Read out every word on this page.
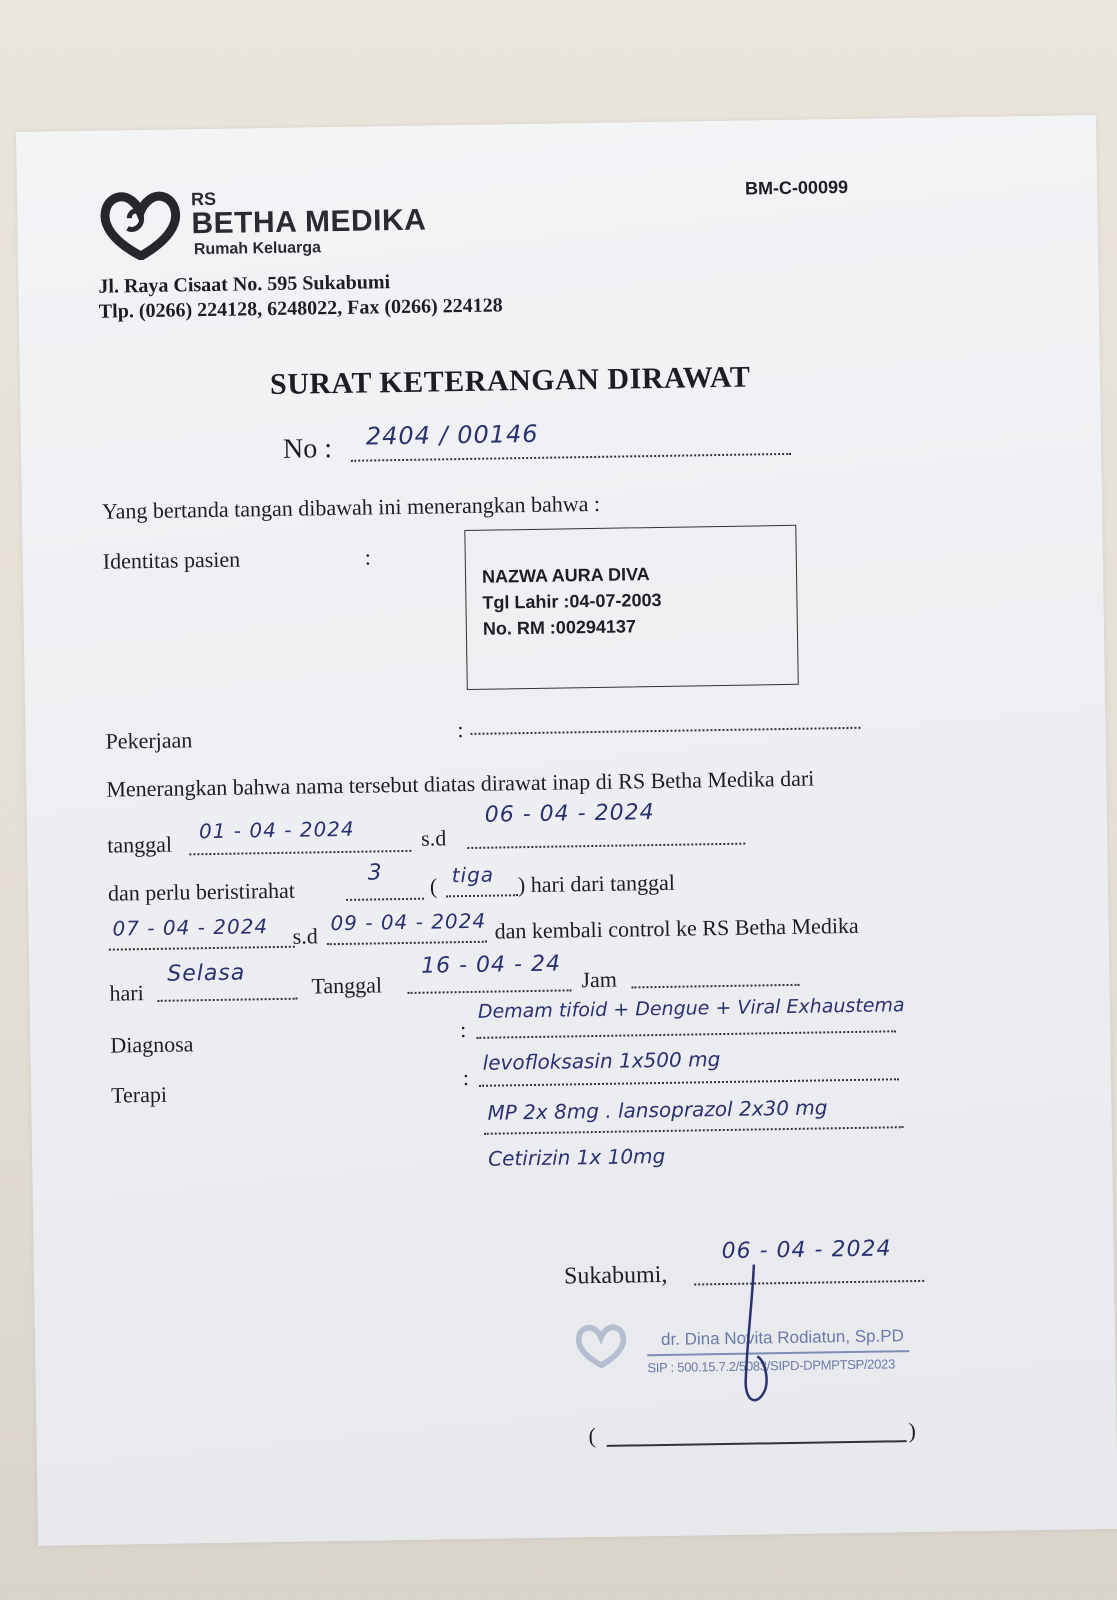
RS
BETHA MEDIKA
Rumah Keluarga
BM-C-00099
Jl. Raya Cisaat No. 595 Sukabumi
Tlp. (0266) 224128, 6248022, Fax (0266) 224128
SURAT KETERANGAN DIRAWAT
No : 2404 / 00146
Yang bertanda tangan dibawah ini menerangkan bahwa :
Identitas pasien	:
NAZWA AURA DIVA
Tgl Lahir :04-07-2003
No. RM :00294137
Pekerjaan	:
Menerangkan bahwa nama tersebut diatas dirawat inap di RS Betha Medika dari
tanggal
01 - 04 - 2024	s.d
06 - 04 - 2024
dan perlu beristirahat
3
( tiga ) hari dari tanggal
07 - 04 - 2024 s.d
09 - 04 - 2024 dan kembali control ke RS Betha Medika
hari
Selasa	Tanggal
16 - 04 - 24
Jam
Diagnosa
:
Demam tifoid + Dengue + Viral Exhaustema
Terapi
:
levofloksasin 1x500 mg
MP 2x 8mg . lansoprazol 2x30 mg
Cetirizin 1x 10mg
Sukabumi,
06 - 04 - 2024
dr. Dina Novita Rodiatun, Sp.PD
SIP : 500.15.7.2/5083/SIPD-DPMPTSP/2023
(	)
